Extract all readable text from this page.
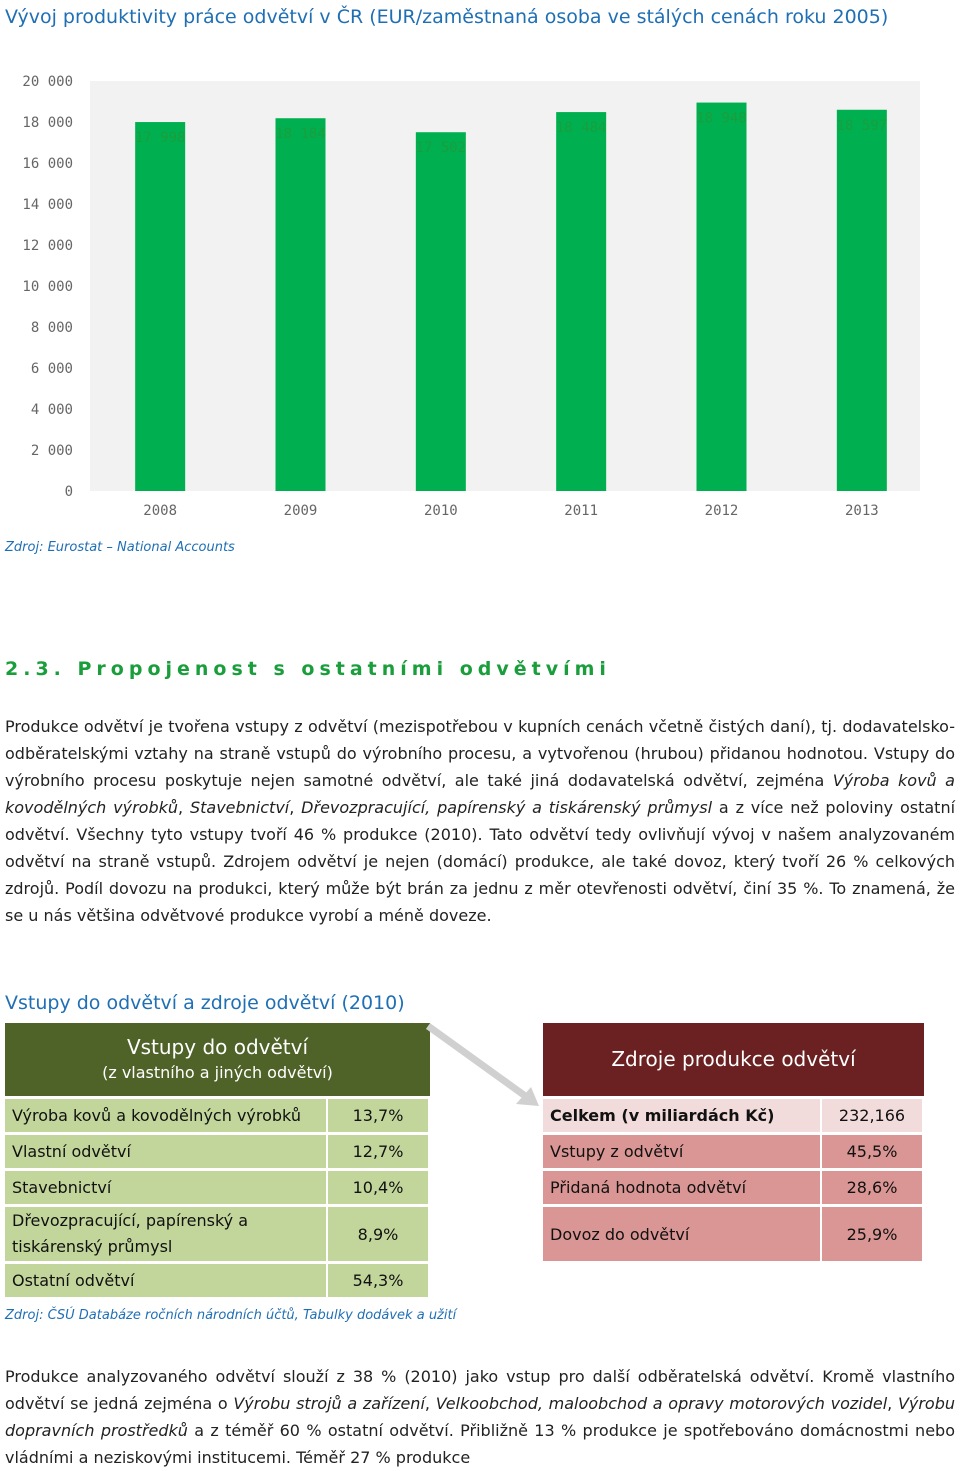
Vývoj produktivity práce odvětví v ČR (EUR/zaměstnaná osoba ve stálých cenách roku 2005)
0
2 000
4 000
6 000
8 000
10 000
12 000
14 000
16 000
18 000
20 000
17 998	18 184
17 502
18 484
18 948	18 597
2008	2009	2010	2011	2012	2013
Zdroj: Eurostat – National Accounts
2.3. Propojenost s ostatními odvětvími
Produkce odvětví je tvořena vstupy z odvětví (mezispotřebou v kupních cenách včetně čistých daní), tj. dodavatelsko-odběratelskými vztahy na straně vstupů do výrobního procesu, a vytvořenou (hrubou) přidanou hodnotou. Vstupy do výrobního procesu poskytuje nejen samotné odvětví, ale také jiná dodavatelská odvětví, zejména Výroba kovů a kovodělných výrobků, Stavebnictví, Dřevozpracující, papírenský a tiskárenský průmysl a z více než poloviny ostatní odvětví. Všechny tyto vstupy tvoří 46 % produkce (2010). Tato odvětví tedy ovlivňují vývoj v našem analyzovaném odvětví na straně vstupů. Zdrojem odvětví je nejen (domácí) produkce, ale také dovoz, který tvoří 26 % celkových zdrojů. Podíl dovozu na produkci, který může být brán za jednu z měr otevřenosti odvětví, činí 35 %. To znamená, že se u nás většina odvětvové produkce vyrobí a méně doveze.
Vstupy do odvětví a zdroje odvětví (2010)
Vstupy do odvětví
(z vlastního a jiných odvětví)
Zdroje produkce odvětví
Výroba kovů a kovodělných výrobků	13,7%
Vlastní odvětví	12,7%
Stavebnictví	10,4%
Dřevozpracující, papírenský a tiskárenský průmysl
8,9%
Ostatní odvětví	54,3%
Celkem (v miliardách Kč)	232,166
Vstupy z odvětví	45,5%
Přidaná hodnota odvětví	28,6%
Dovoz do odvětví	25,9%
Zdroj: ČSÚ Databáze ročních národních účtů, Tabulky dodávek a užití
Produkce analyzovaného odvětví slouží z 38 % (2010) jako vstup pro další odběratelská odvětví. Kromě vlastního odvětví se jedná zejména o Výrobu strojů a zařízení, Velkoobchod, maloobchod a opravy motorových vozidel, Výrobu dopravních prostředků a z téměř 60 % ostatní odvětví. Přibližně 13 % produkce je spotřebováno domácnostmi nebo vládními a neziskovými institucemi. Téměř 27 % produkce
